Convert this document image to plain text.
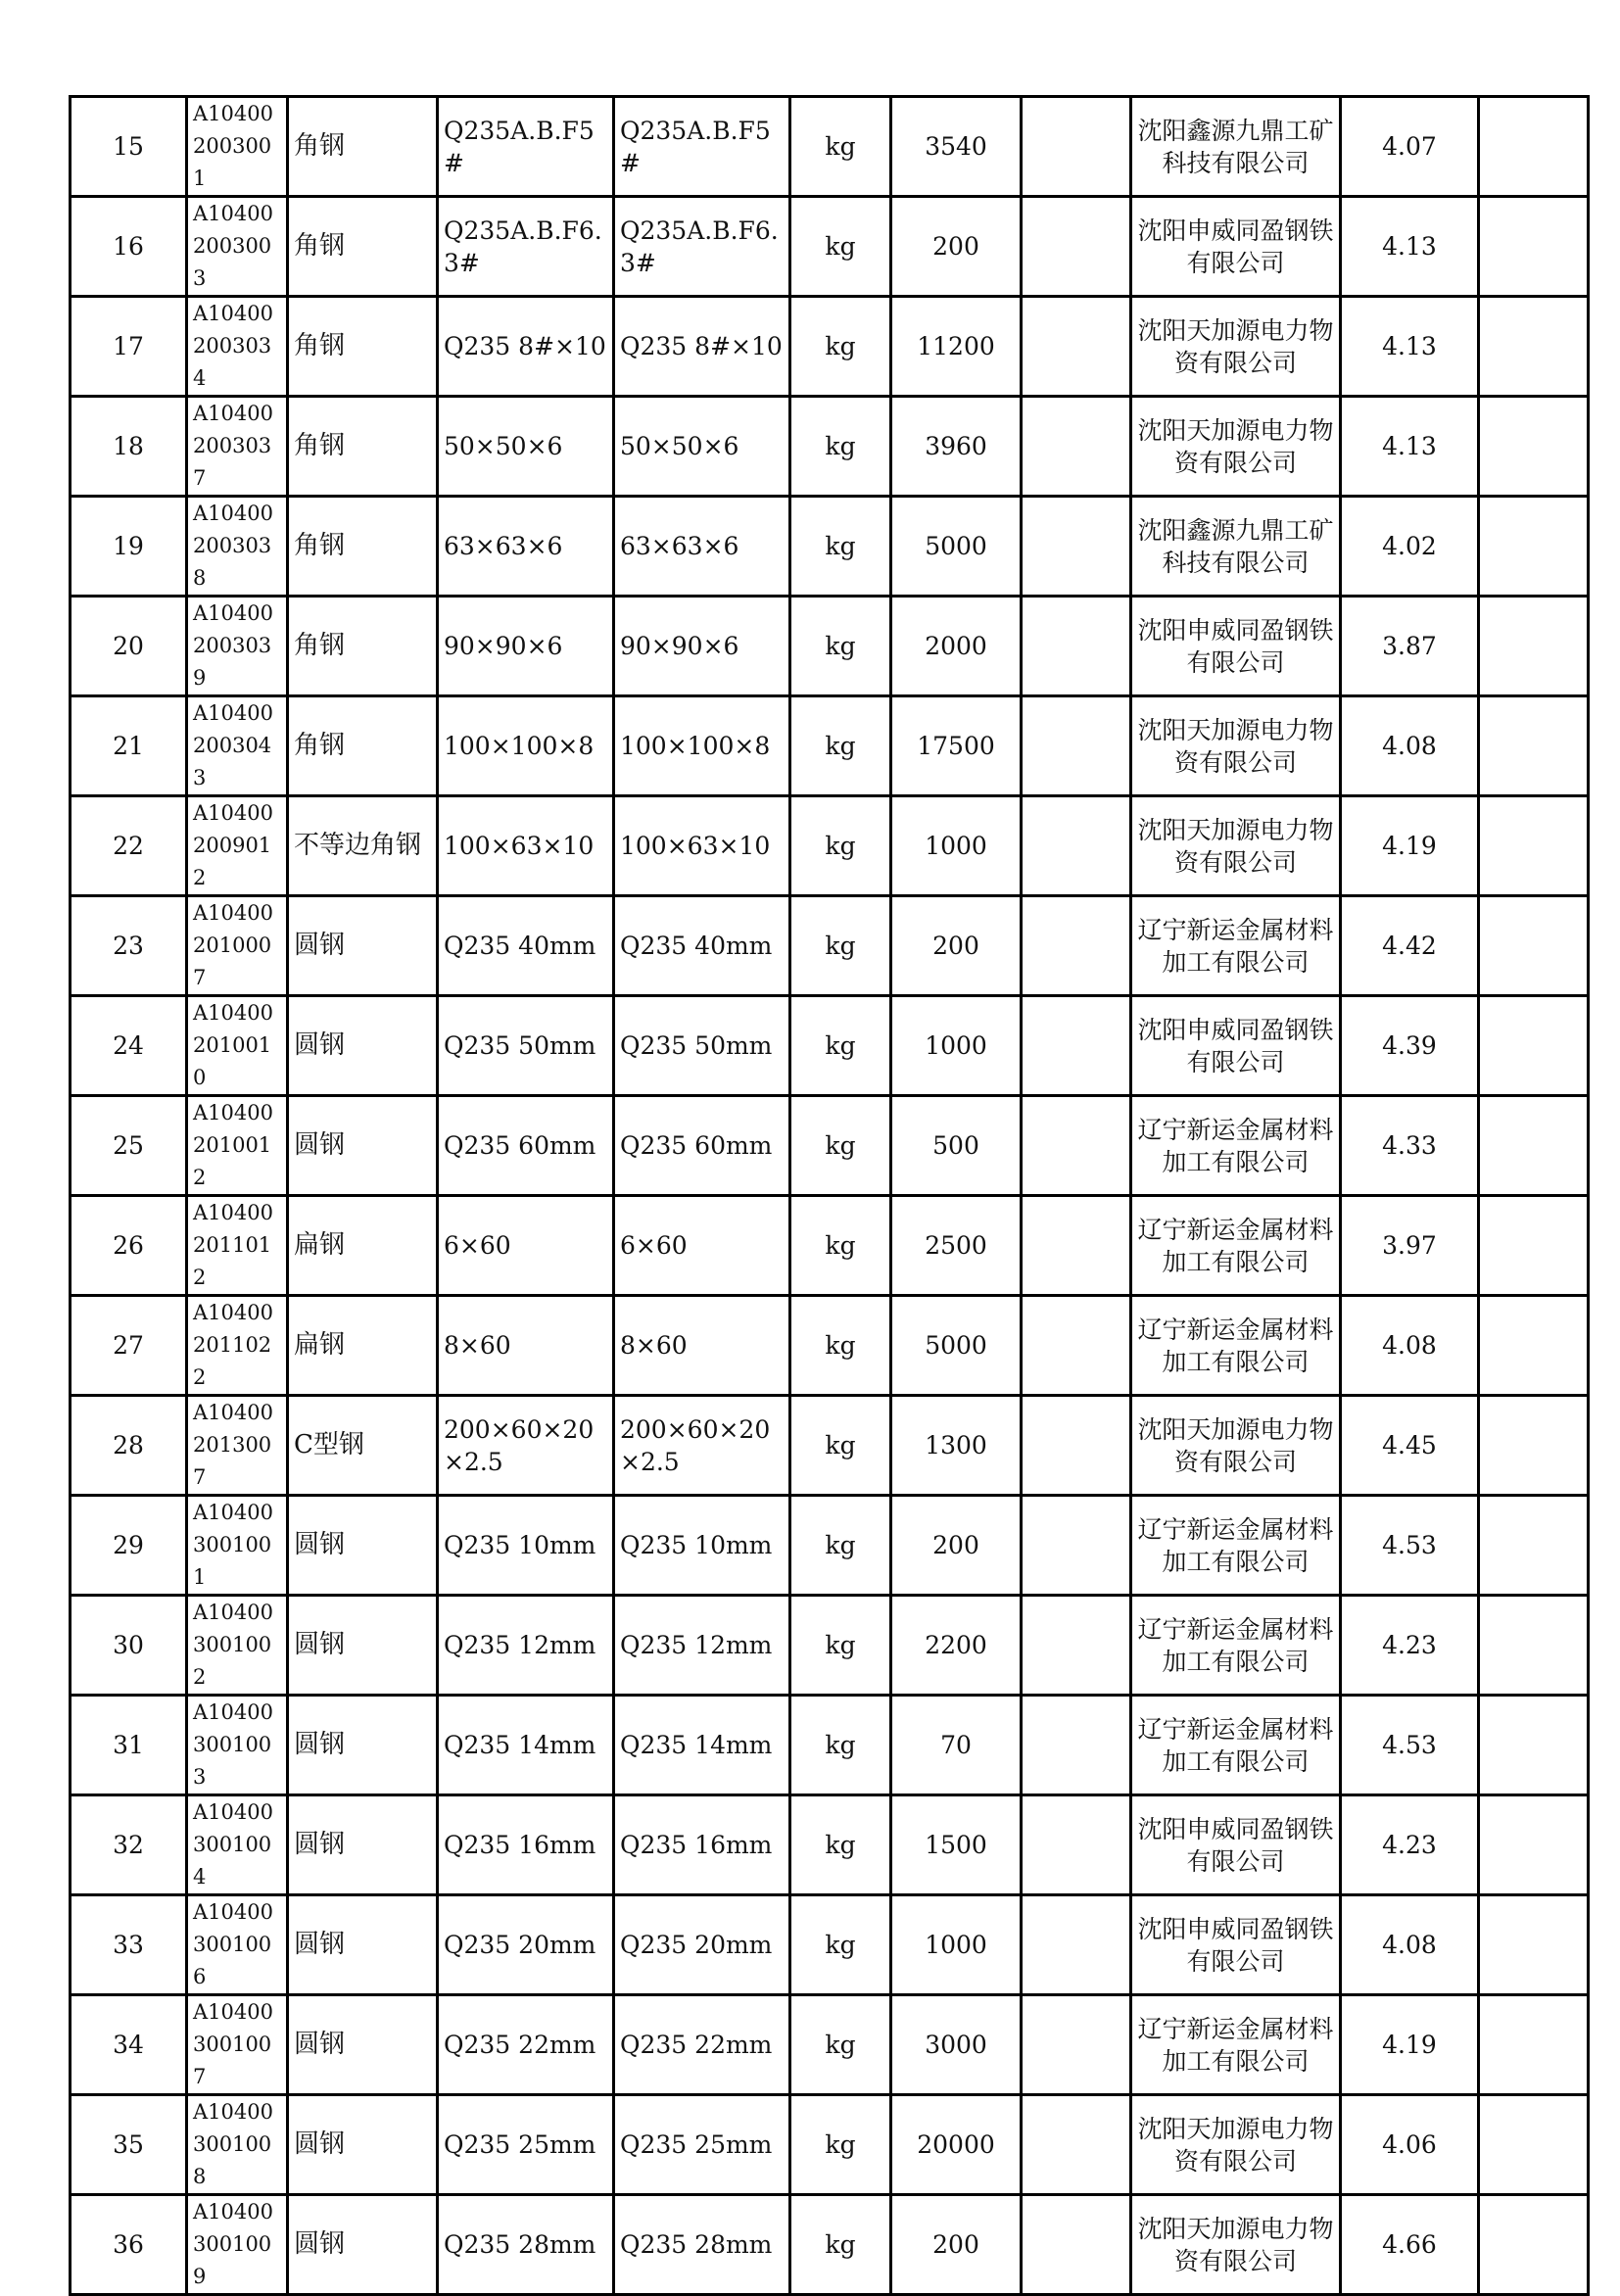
15	A104002003001	角钢	Q235A.B.F5#	Q235A.B.F5#	kg	3540		沈阳鑫源九鼎工矿科技有限公司	4.07	
16	A104002003003	角钢	Q235A.B.F6.3#	Q235A.B.F6.3#	kg	200		沈阳申威同盈钢铁有限公司	4.13	
17	A104002003034	角钢	Q235 8#×10	Q235 8#×10	kg	11200		沈阳天加源电力物资有限公司	4.13	
18	A104002003037	角钢	50×50×6	50×50×6	kg	3960		沈阳天加源电力物资有限公司	4.13	
19	A104002003038	角钢	63×63×6	63×63×6	kg	5000		沈阳鑫源九鼎工矿科技有限公司	4.02	
20	A104002003039	角钢	90×90×6	90×90×6	kg	2000		沈阳申威同盈钢铁有限公司	3.87	
21	A104002003043	角钢	100×100×8	100×100×8	kg	17500		沈阳天加源电力物资有限公司	4.08	
22	A104002009012	不等边角钢	100×63×10	100×63×10	kg	1000		沈阳天加源电力物资有限公司	4.19	
23	A104002010007	圆钢	Q235 40mm	Q235 40mm	kg	200		辽宁新运金属材料加工有限公司	4.42	
24	A104002010010	圆钢	Q235 50mm	Q235 50mm	kg	1000		沈阳申威同盈钢铁有限公司	4.39	
25	A104002010012	圆钢	Q235 60mm	Q235 60mm	kg	500		辽宁新运金属材料加工有限公司	4.33	
26	A104002011012	扁钢	6×60	6×60	kg	2500		辽宁新运金属材料加工有限公司	3.97	
27	A104002011022	扁钢	8×60	8×60	kg	5000		辽宁新运金属材料加工有限公司	4.08	
28	A104002013007	C型钢	200×60×20×2.5	200×60×20×2.5	kg	1300		沈阳天加源电力物资有限公司	4.45	
29	A104003001001	圆钢	Q235 10mm	Q235 10mm	kg	200		辽宁新运金属材料加工有限公司	4.53	
30	A104003001002	圆钢	Q235 12mm	Q235 12mm	kg	2200		辽宁新运金属材料加工有限公司	4.23	
31	A104003001003	圆钢	Q235 14mm	Q235 14mm	kg	70		辽宁新运金属材料加工有限公司	4.53	
32	A104003001004	圆钢	Q235 16mm	Q235 16mm	kg	1500		沈阳申威同盈钢铁有限公司	4.23	
33	A104003001006	圆钢	Q235 20mm	Q235 20mm	kg	1000		沈阳申威同盈钢铁有限公司	4.08	
34	A104003001007	圆钢	Q235 22mm	Q235 22mm	kg	3000		辽宁新运金属材料加工有限公司	4.19	
35	A104003001008	圆钢	Q235 25mm	Q235 25mm	kg	20000		沈阳天加源电力物资有限公司	4.06	
36	A104003001009	圆钢	Q235 28mm	Q235 28mm	kg	200		沈阳天加源电力物资有限公司	4.66	
